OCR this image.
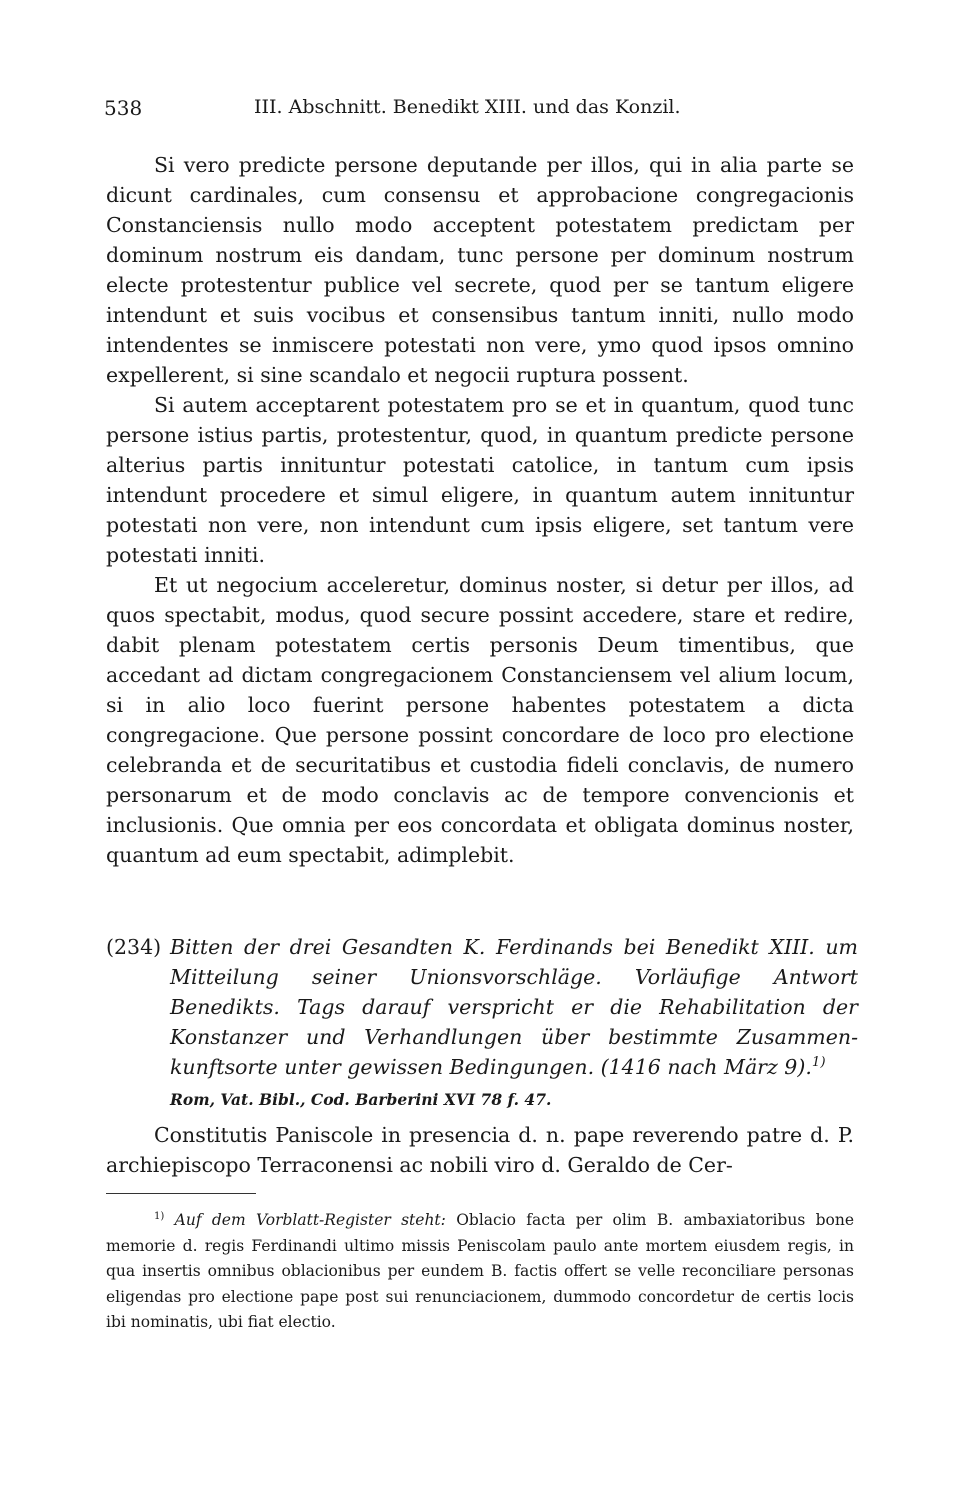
538	III. Abschnitt. Benedikt XIII. und das Konzil.

Si vero predicte persone deputande per illos, qui in alia parte se dicunt cardinales, cum consensu et approbacione congregacionis Constanciensis nullo modo acceptent potestatem predictam per dominum nostrum eis dandam, tunc persone per dominum nostrum electe protestentur publice vel secrete, quod per se tantum eligere intendunt et suis vocibus et consensibus tantum inniti, nullo modo intendentes se inmiscere potestati non vere, ymo quod ipsos omnino expellerent, si sine scandalo et negocii ruptura possent.

Si autem acceptarent potestatem pro se et in quantum, quod tunc persone istius partis, protestentur, quod, in quantum predicte persone alterius partis innituntur potestati catolice, in tantum cum ipsis intendunt procedere et simul eligere, in quantum autem innituntur potestati non vere, non intendunt cum ipsis eligere, set tantum vere potestati inniti.

Et ut negocium acceleretur, dominus noster, si detur per illos, ad quos spectabit, modus, quod secure possint accedere, stare et redire, dabit plenam potestatem certis personis Deum timentibus, que accedant ad dictam congregacionem Constanciensem vel alium locum, si in alio loco fuerint persone habentes potestatem a dicta congregacione. Que persone possint concordare de loco pro electione celebranda et de securitatibus et custodia fideli conclavis, de numero personarum et de modo conclavis ac de tempore convencionis et inclusionis. Que omnia per eos concordata et obligata dominus noster, quantum ad eum spectabit, adimplebit.

(234) Bitten der drei Gesandten K. Ferdinands bei Benedikt XIII. um Mitteilung seiner Unionsvorschläge. Vorläufige Antwort Benedikts. Tags darauf verspricht er die Rehabilitation der Konstanzer und Verhandlungen über bestimmte Zusammenkunftsorte unter gewissen Bedingungen. (1416 nach März 9).$^{1)}$
Rom, Vat. Bibl., Cod. Barberini XVI 78 f. 47.

Constitutis Paniscole in presencia d. n. pape reverendo patre d. P. archiepiscopo Terraconensi ac nobili viro d. Geraldo de Cer-

$^{1)}$ Auf dem Vorblatt-Register steht: Oblacio facta per olim B. ambaxiatoribus bone memorie d. regis Ferdinandi ultimo missis Peniscolam paulo ante mortem eiusdem regis, in qua insertis omnibus oblacionibus per eundem B. factis offert se velle reconciliare personas eligendas pro electione pape post sui renunciacionem, dummodo concordetur de certis locis ibi nominatis, ubi fiat electio.
